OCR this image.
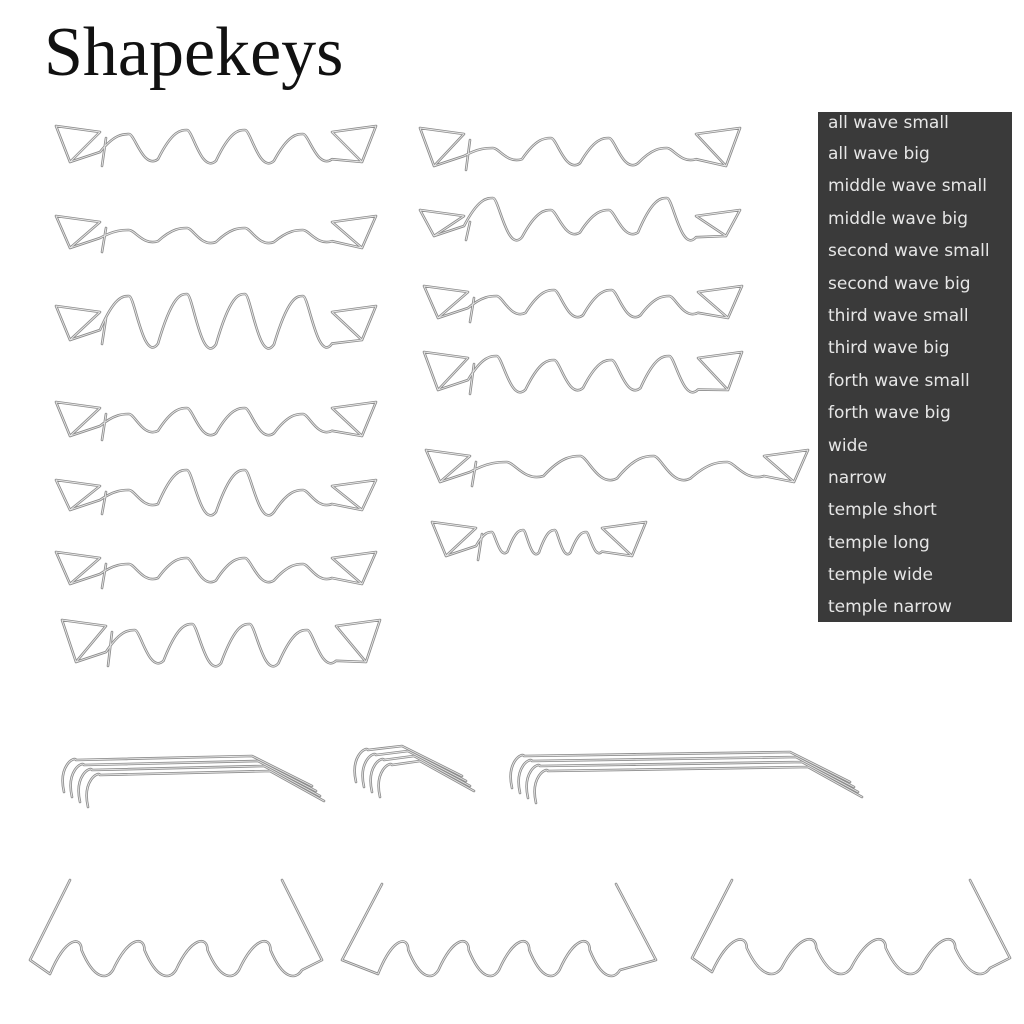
Shapekeys
all wave small
all wave big
middle wave small
middle wave big
second wave small
second wave big
third wave small
third wave big
forth wave small
forth wave big
wide
narrow
temple short
temple long
temple wide
temple narrow
